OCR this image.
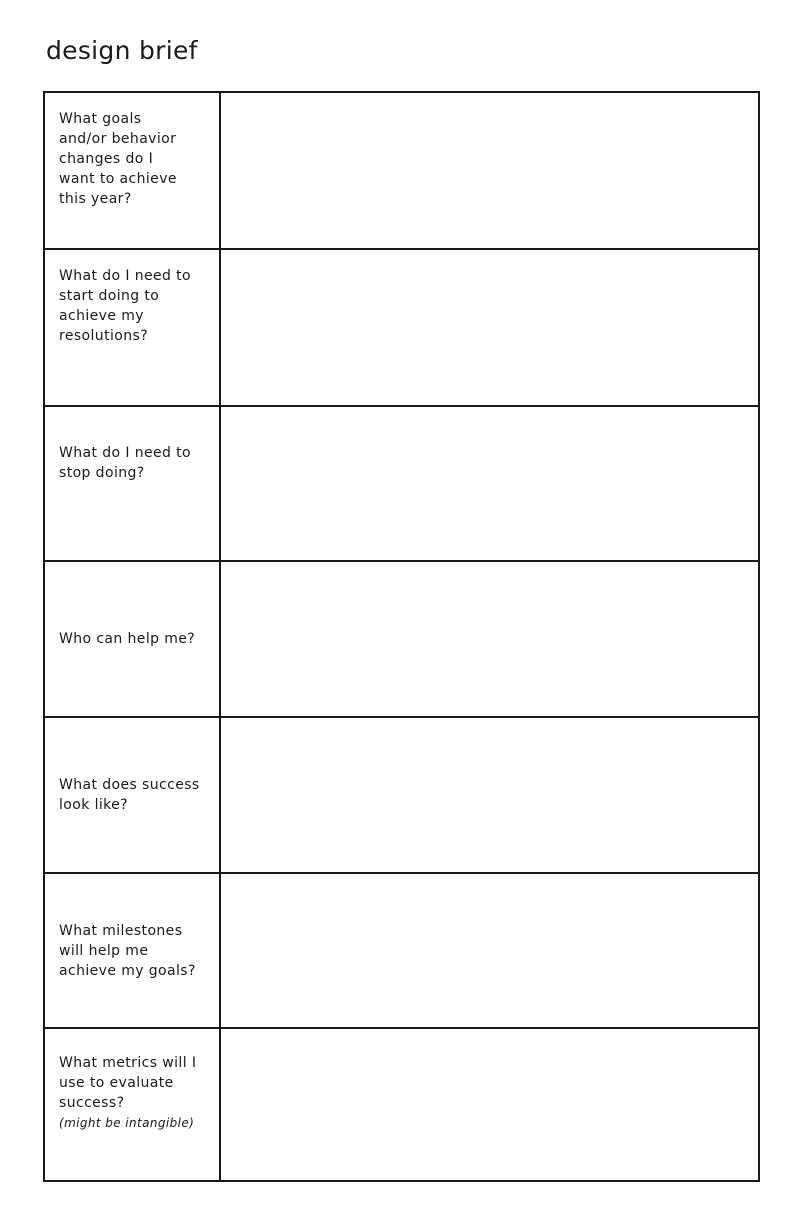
design brief
What goals
and/or behavior
changes do I
want to achieve
this year?
What do I need to
start doing to
achieve my
resolutions?
What do I need to
stop doing?
Who can help me?
What does success
look like?
What milestones
will help me
achieve my goals?
What metrics will I
use to evaluate
success?
(might be intangible)
